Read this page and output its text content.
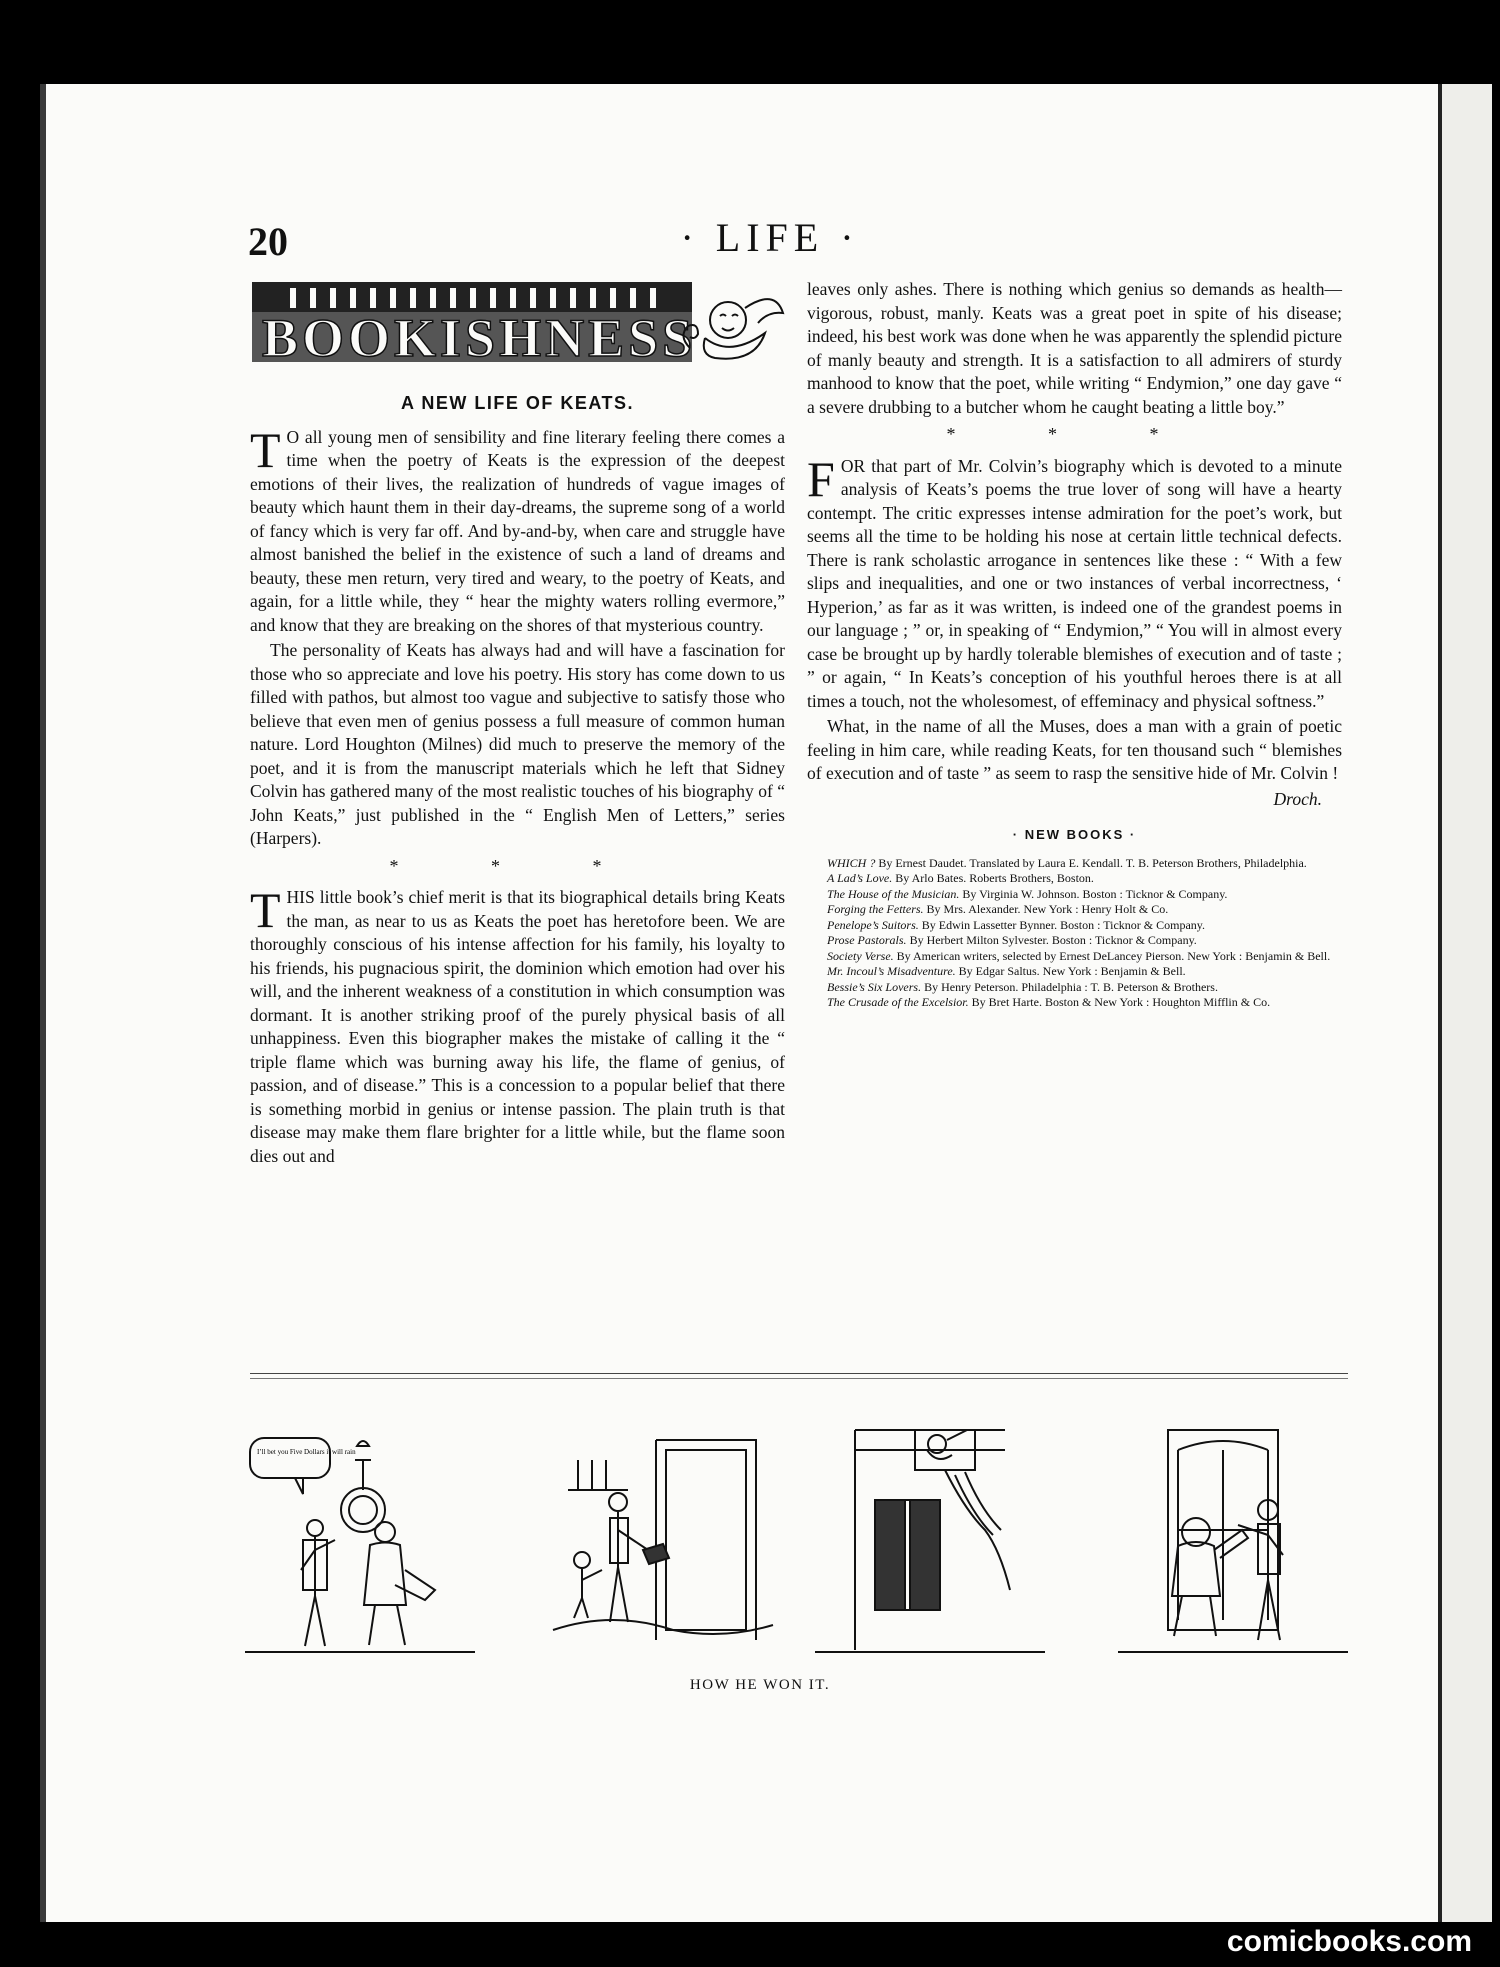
20	· LIFE ·
BOOKISHNESS
A NEW LIFE OF KEATS.

T O all young men of sensibility and fine literary feeling there comes a time when the poetry of Keats is the expression of the deepest emotions of their lives, the realization of hundreds of vague images of beauty which haunt them in their day-dreams, the supreme song of a world of fancy which is very far off. And by-and-by, when care and struggle have almost banished the belief in the existence of such a land of dreams and beauty, these men return, very tired and weary, to the poetry of Keats, and again, for a little while, they “ hear the mighty waters rolling evermore,” and know that they are breaking on the shores of that mysterious country.

The personality of Keats has always had and will have a fascination for those who so appreciate and love his poetry. His story has come down to us filled with pathos, but almost too vague and subjective to satisfy those who believe that even men of genius possess a full measure of common human nature. Lord Houghton (Milnes) did much to preserve the memory of the poet, and it is from the manuscript materials which he left that Sidney Colvin has gathered many of the most realistic touches of his biography of “ John Keats,” just published in the “ English Men of Letters,” series (Harpers).

* * *

THIS little book’s chief merit is that its biographical details bring Keats the man, as near to us as Keats the poet has heretofore been. We are thoroughly conscious of his intense affection for his family, his loyalty to his friends, his pugnacious spirit, the dominion which emotion had over his will, and the inherent weakness of a constitution in which consumption was dormant. It is another striking proof of the purely physical basis of all unhappiness. Even this biographer makes the mistake of calling it the “ triple flame which was burning away his life, the flame of genius, of passion, and of disease.” This is a concession to a popular belief that there is something morbid in genius or intense passion. The plain truth is that disease may make them flare brighter for a little while, but the flame soon dies out and

leaves only ashes. There is nothing which genius so demands as health—vigorous, robust, manly. Keats was a great poet in spite of his disease; indeed, his best work was done when he was apparently the splendid picture of manly beauty and strength. It is a satisfaction to all admirers of sturdy manhood to know that the poet, while writing “ Endymion,” one day gave “ a severe drubbing to a butcher whom he caught beating a little boy.”

* * *

FOR that part of Mr. Colvin’s biography which is devoted to a minute analysis of Keats’s poems the true lover of song will have a hearty contempt. The critic expresses intense admiration for the poet’s work, but seems all the time to be holding his nose at certain little technical defects. There is rank scholastic arrogance in sentences like these : “ With a few slips and inequalities, and one or two instances of verbal incorrectness, ‘ Hyperion,’ as far as it was written, is indeed one of the grandest poems in our language ; ” or, in speaking of “ Endymion,” “ You will in almost every case be brought up by hardly tolerable blemishes of execution and of taste ; ” or again, “ In Keats’s conception of his youthful heroes there is at all times a touch, not the wholesomest, of effeminacy and physical softness.”

What, in the name of all the Muses, does a man with a grain of poetic feeling in him care, while reading Keats, for ten thousand such “ blemishes of execution and of taste ” as seem to rasp the sensitive hide of Mr. Colvin !

Droch.
· NEW BOOKS ·

WHICH ? By Ernest Daudet. Translated by Laura E. Kendall. T. B. Peterson Brothers, Philadelphia.

A Lad’s Love. By Arlo Bates. Roberts Brothers, Boston.

The House of the Musician. By Virginia W. Johnson. Boston : Ticknor & Company.

Forging the Fetters. By Mrs. Alexander. New York : Henry Holt & Co.

Penelope’s Suitors. By Edwin Lassetter Bynner. Boston : Ticknor & Company.

Prose Pastorals. By Herbert Milton Sylvester. Boston : Ticknor & Company.

Society Verse. By American writers, selected by Ernest DeLancey Pierson. New York : Benjamin & Bell.

Mr. Incoul’s Misadventure. By Edgar Saltus. New York : Benjamin & Bell.

Bessie’s Six Lovers. By Henry Peterson. Philadelphia : T. B. Peterson & Brothers.

The Crusade of the Excelsior. By Bret Harte. Boston & New York : Houghton Mifflin & Co.

I’ll bet you Five Dollars it will rain
HOW HE WON IT.
comicbooks.com
